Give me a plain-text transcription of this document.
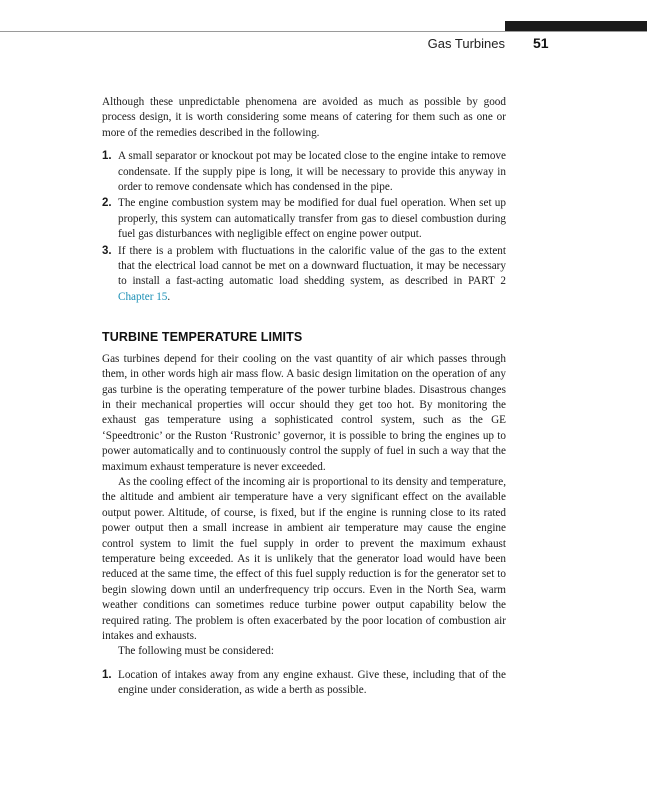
Gas Turbines 51

Although these unpredictable phenomena are avoided as much as possible by good process design, it is worth considering some means of catering for them such as one or more of the remedies described in the following.

1. A small separator or knockout pot may be located close to the engine intake to remove condensate. If the supply pipe is long, it will be necessary to provide this anyway in order to remove condensate which has condensed in the pipe.
2. The engine combustion system may be modified for dual fuel operation. When set up properly, this system can automatically transfer from gas to diesel combustion during fuel gas disturbances with negligible effect on engine power output.
3. If there is a problem with fluctuations in the calorific value of the gas to the extent that the electrical load cannot be met on a downward fluctuation, it may be necessary to install a fast-acting automatic load shedding system, as described in PART 2 Chapter 15.
TURBINE TEMPERATURE LIMITS

Gas turbines depend for their cooling on the vast quantity of air which passes through them, in other words high air mass flow. A basic design limitation on the operation of any gas turbine is the operating temperature of the power turbine blades. Disastrous changes in their mechanical properties will occur should they get too hot. By monitoring the exhaust gas temperature using a sophisticated control system, such as the GE ‘Speedtronic’ or the Ruston ‘Rustronic’ governor, it is possible to bring the engines up to power automatically and to continuously control the supply of fuel in such a way that the maximum exhaust temperature is never exceeded.

As the cooling effect of the incoming air is proportional to its density and temperature, the altitude and ambient air temperature have a very significant effect on the available output power. Altitude, of course, is fixed, but if the engine is running close to its rated power output then a small increase in ambient air temperature may cause the engine control system to limit the fuel supply in order to prevent the maximum exhaust temperature being exceeded. As it is unlikely that the generator load would have been reduced at the same time, the effect of this fuel supply reduction is for the generator set to begin slowing down until an underfrequency trip occurs. Even in the North Sea, warm weather conditions can sometimes reduce turbine power output capability below the required rating. The problem is often exacerbated by the poor location of combustion air intakes and exhausts.

The following must be considered:

1. Location of intakes away from any engine exhaust. Give these, including that of the engine under consideration, as wide a berth as possible.
